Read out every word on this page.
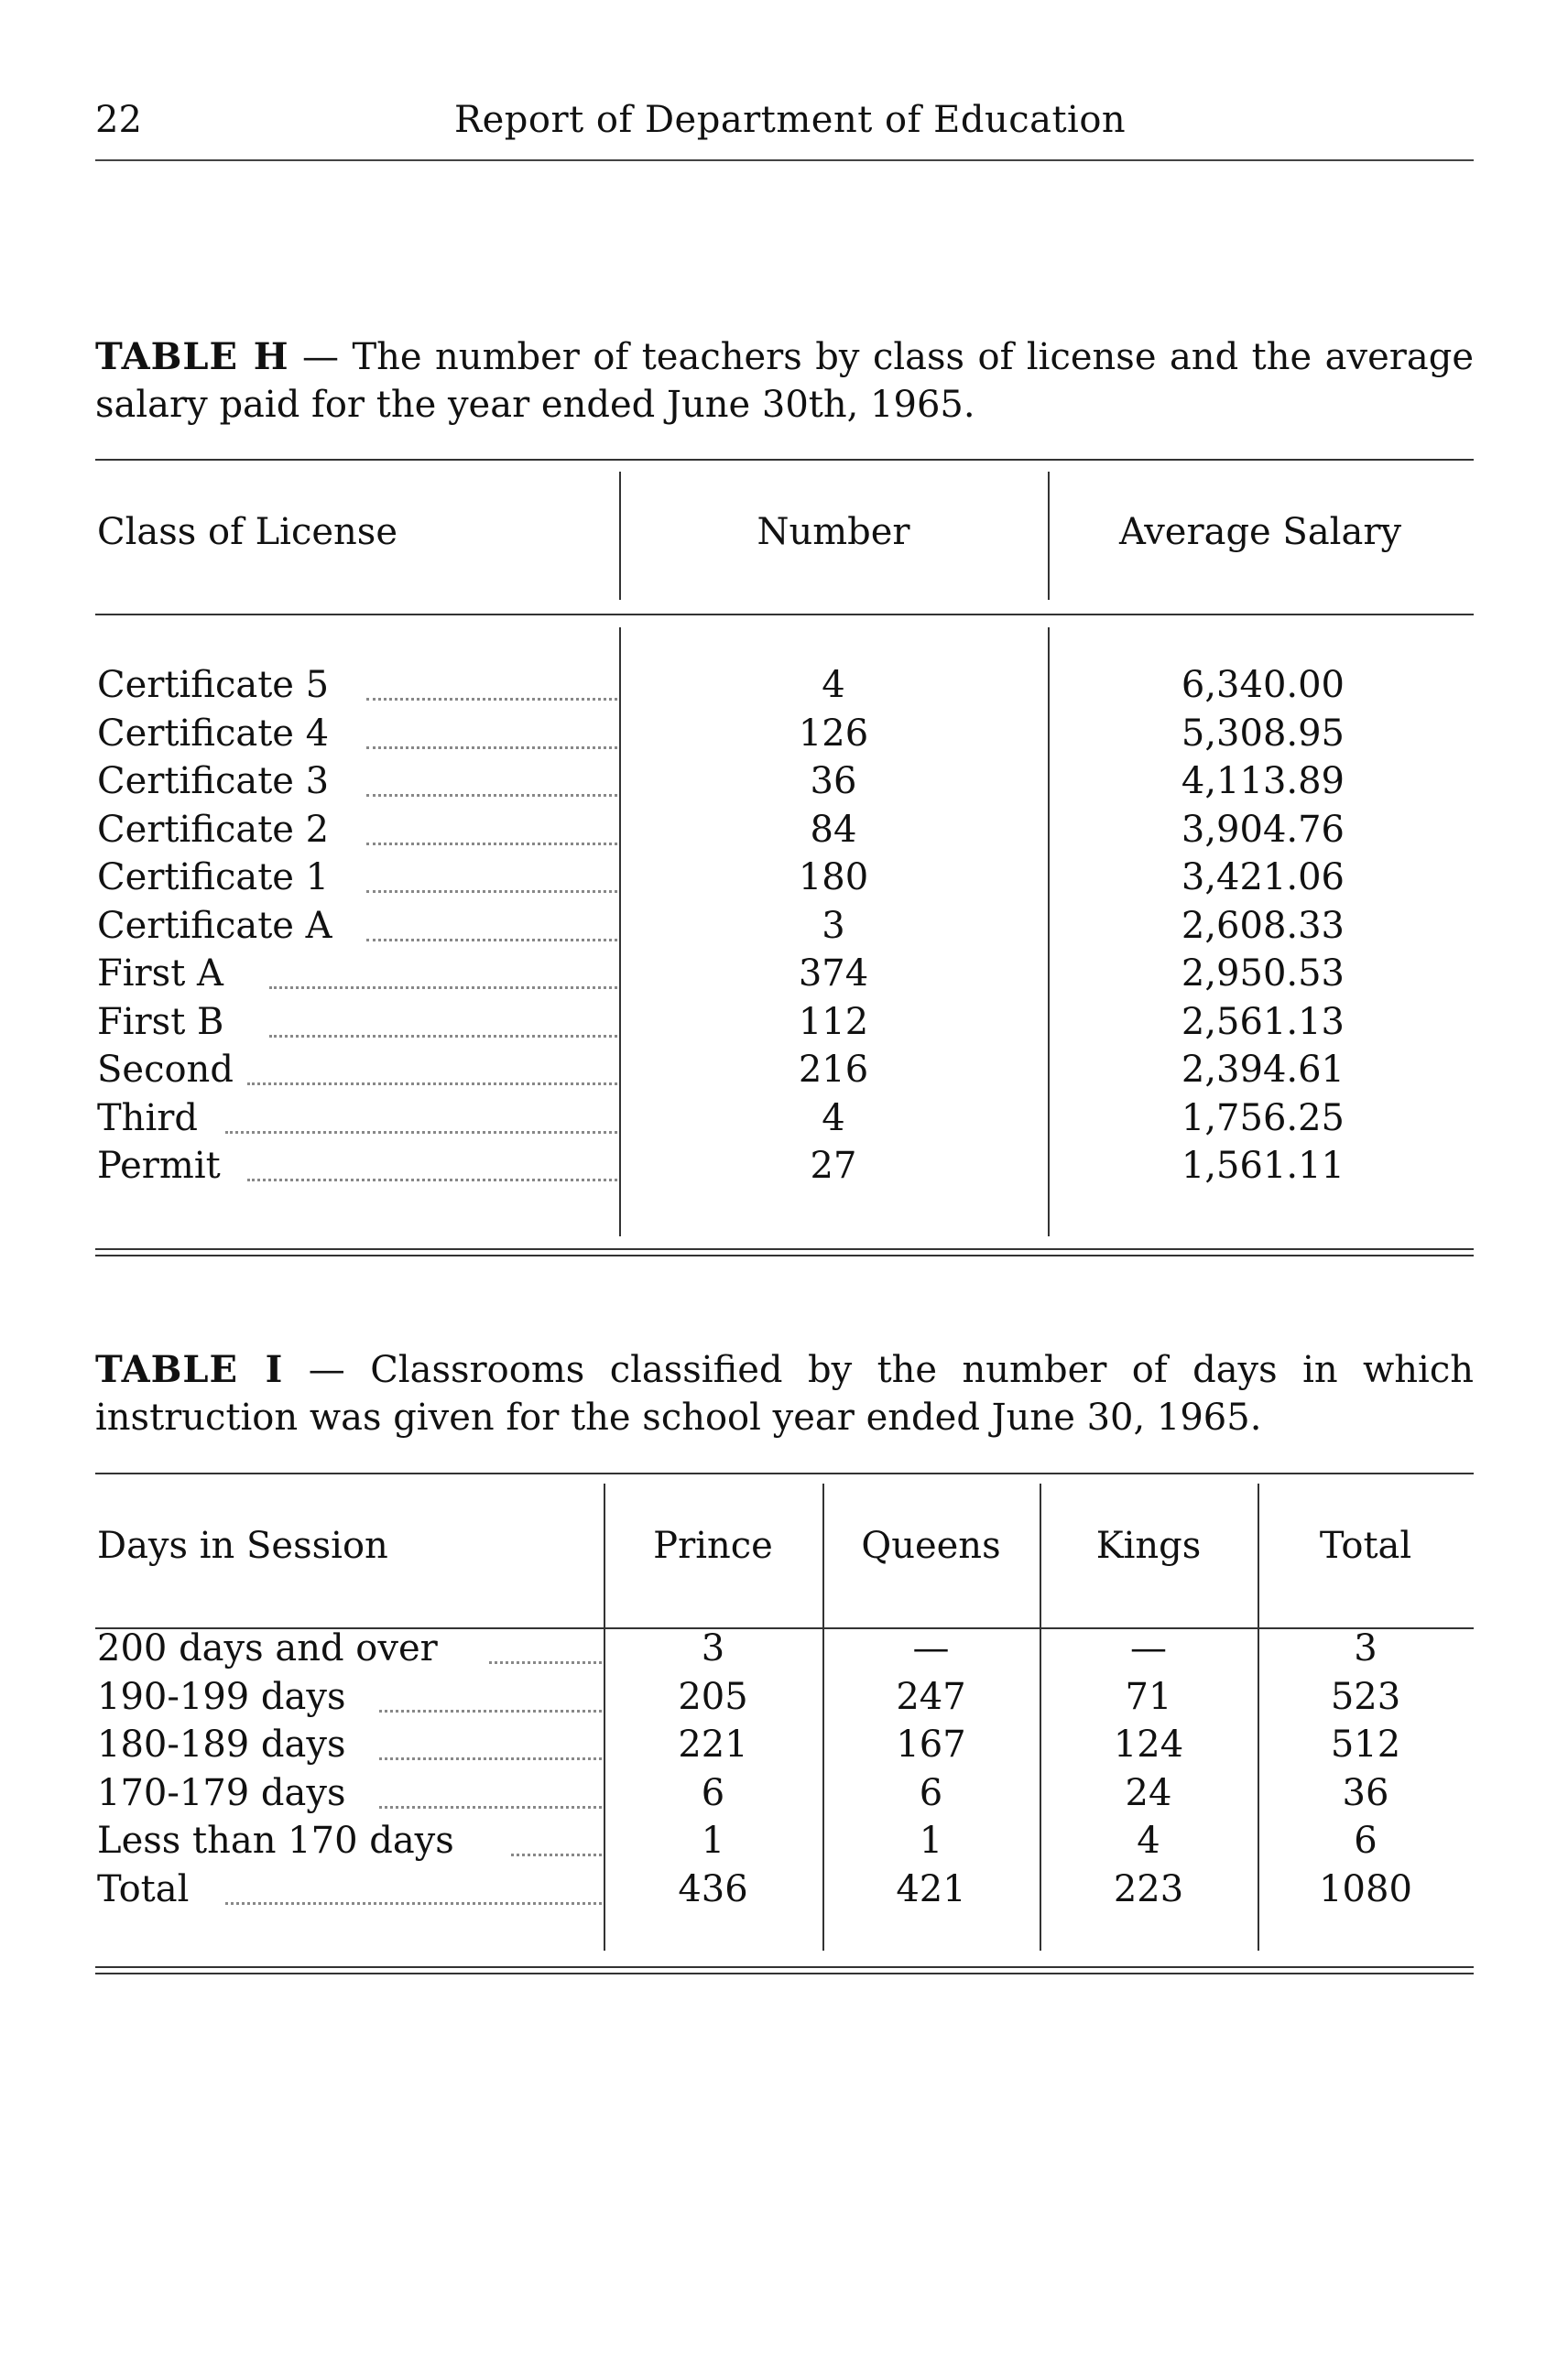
22	Report of Department of Education
TABLE H — The number of teachers by class of license and the average salary paid for the year ended June 30th, 1965.
Class of License	Number	Average Salary
Certificate 5	4	6,340.00
Certificate 4	126	5,308.95
Certificate 3	36	4,113.89
Certificate 2	84	3,904.76
Certificate 1	180	3,421.06
Certificate A	3	2,608.33
First A	374	2,950.53
First B	112	2,561.13
Second	216	2,394.61
Third	4	1,756.25
Permit	27	1,561.11
TABLE I — Classrooms classified by the number of days in which instruction was given for the school year ended June 30, 1965.
Days in Session	Prince	Queens	Kings	Total
200 days and over	3	—	—	3
190-199 days	205	247	71	523
180-189 days	221	167	124	512
170-179 days	6	6	24	36
Less than 170 days	1	1	4	6
Total	436	421	223	1080
